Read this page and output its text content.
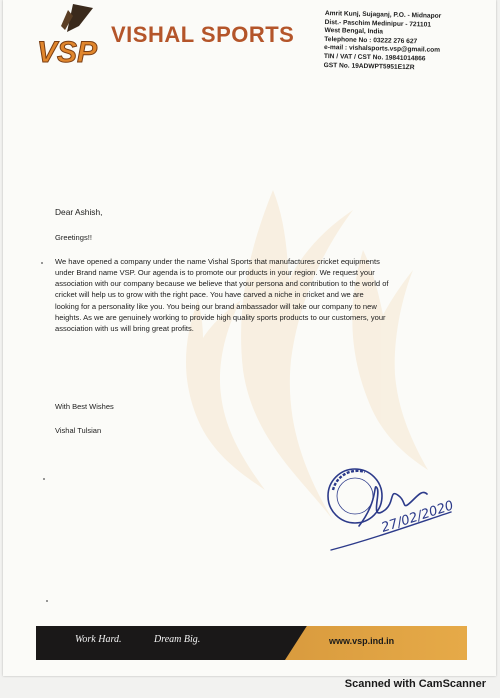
VSP
VISHAL SPORTS
Amrit Kunj, Sujaganj, P.O. - Midnapor
Dist.- Paschim Medinipur - 721101
West Bengal, India
Telephone No : 03222 276 627
e-mail : vishalsports.vsp@gmail.com
TIN / VAT / CST No. 19841014866
GST No. 19ADWPT5951E1ZR

Dear Ashish,

Greetings!!

We have opened a company under the name Vishal Sports that manufactures cricket equipments
under Brand name VSP. Our agenda is to promote our products in your region. We request your
association with our company because we believe that your persona and contribution to the world of
cricket will help us to grow with the right pace. You have carved a niche in cricket and we are
looking for a personality like you. You being our brand ambassador will take our company to new
heights. As we are genuinely working to provide high quality sports products to our customers, your
association with us will bring great profits.

With Best Wishes
Vishal Tulsian
27/02/2020
Work Hard.	Dream Big.	www.vsp.ind.in
Scanned with CamScanner
